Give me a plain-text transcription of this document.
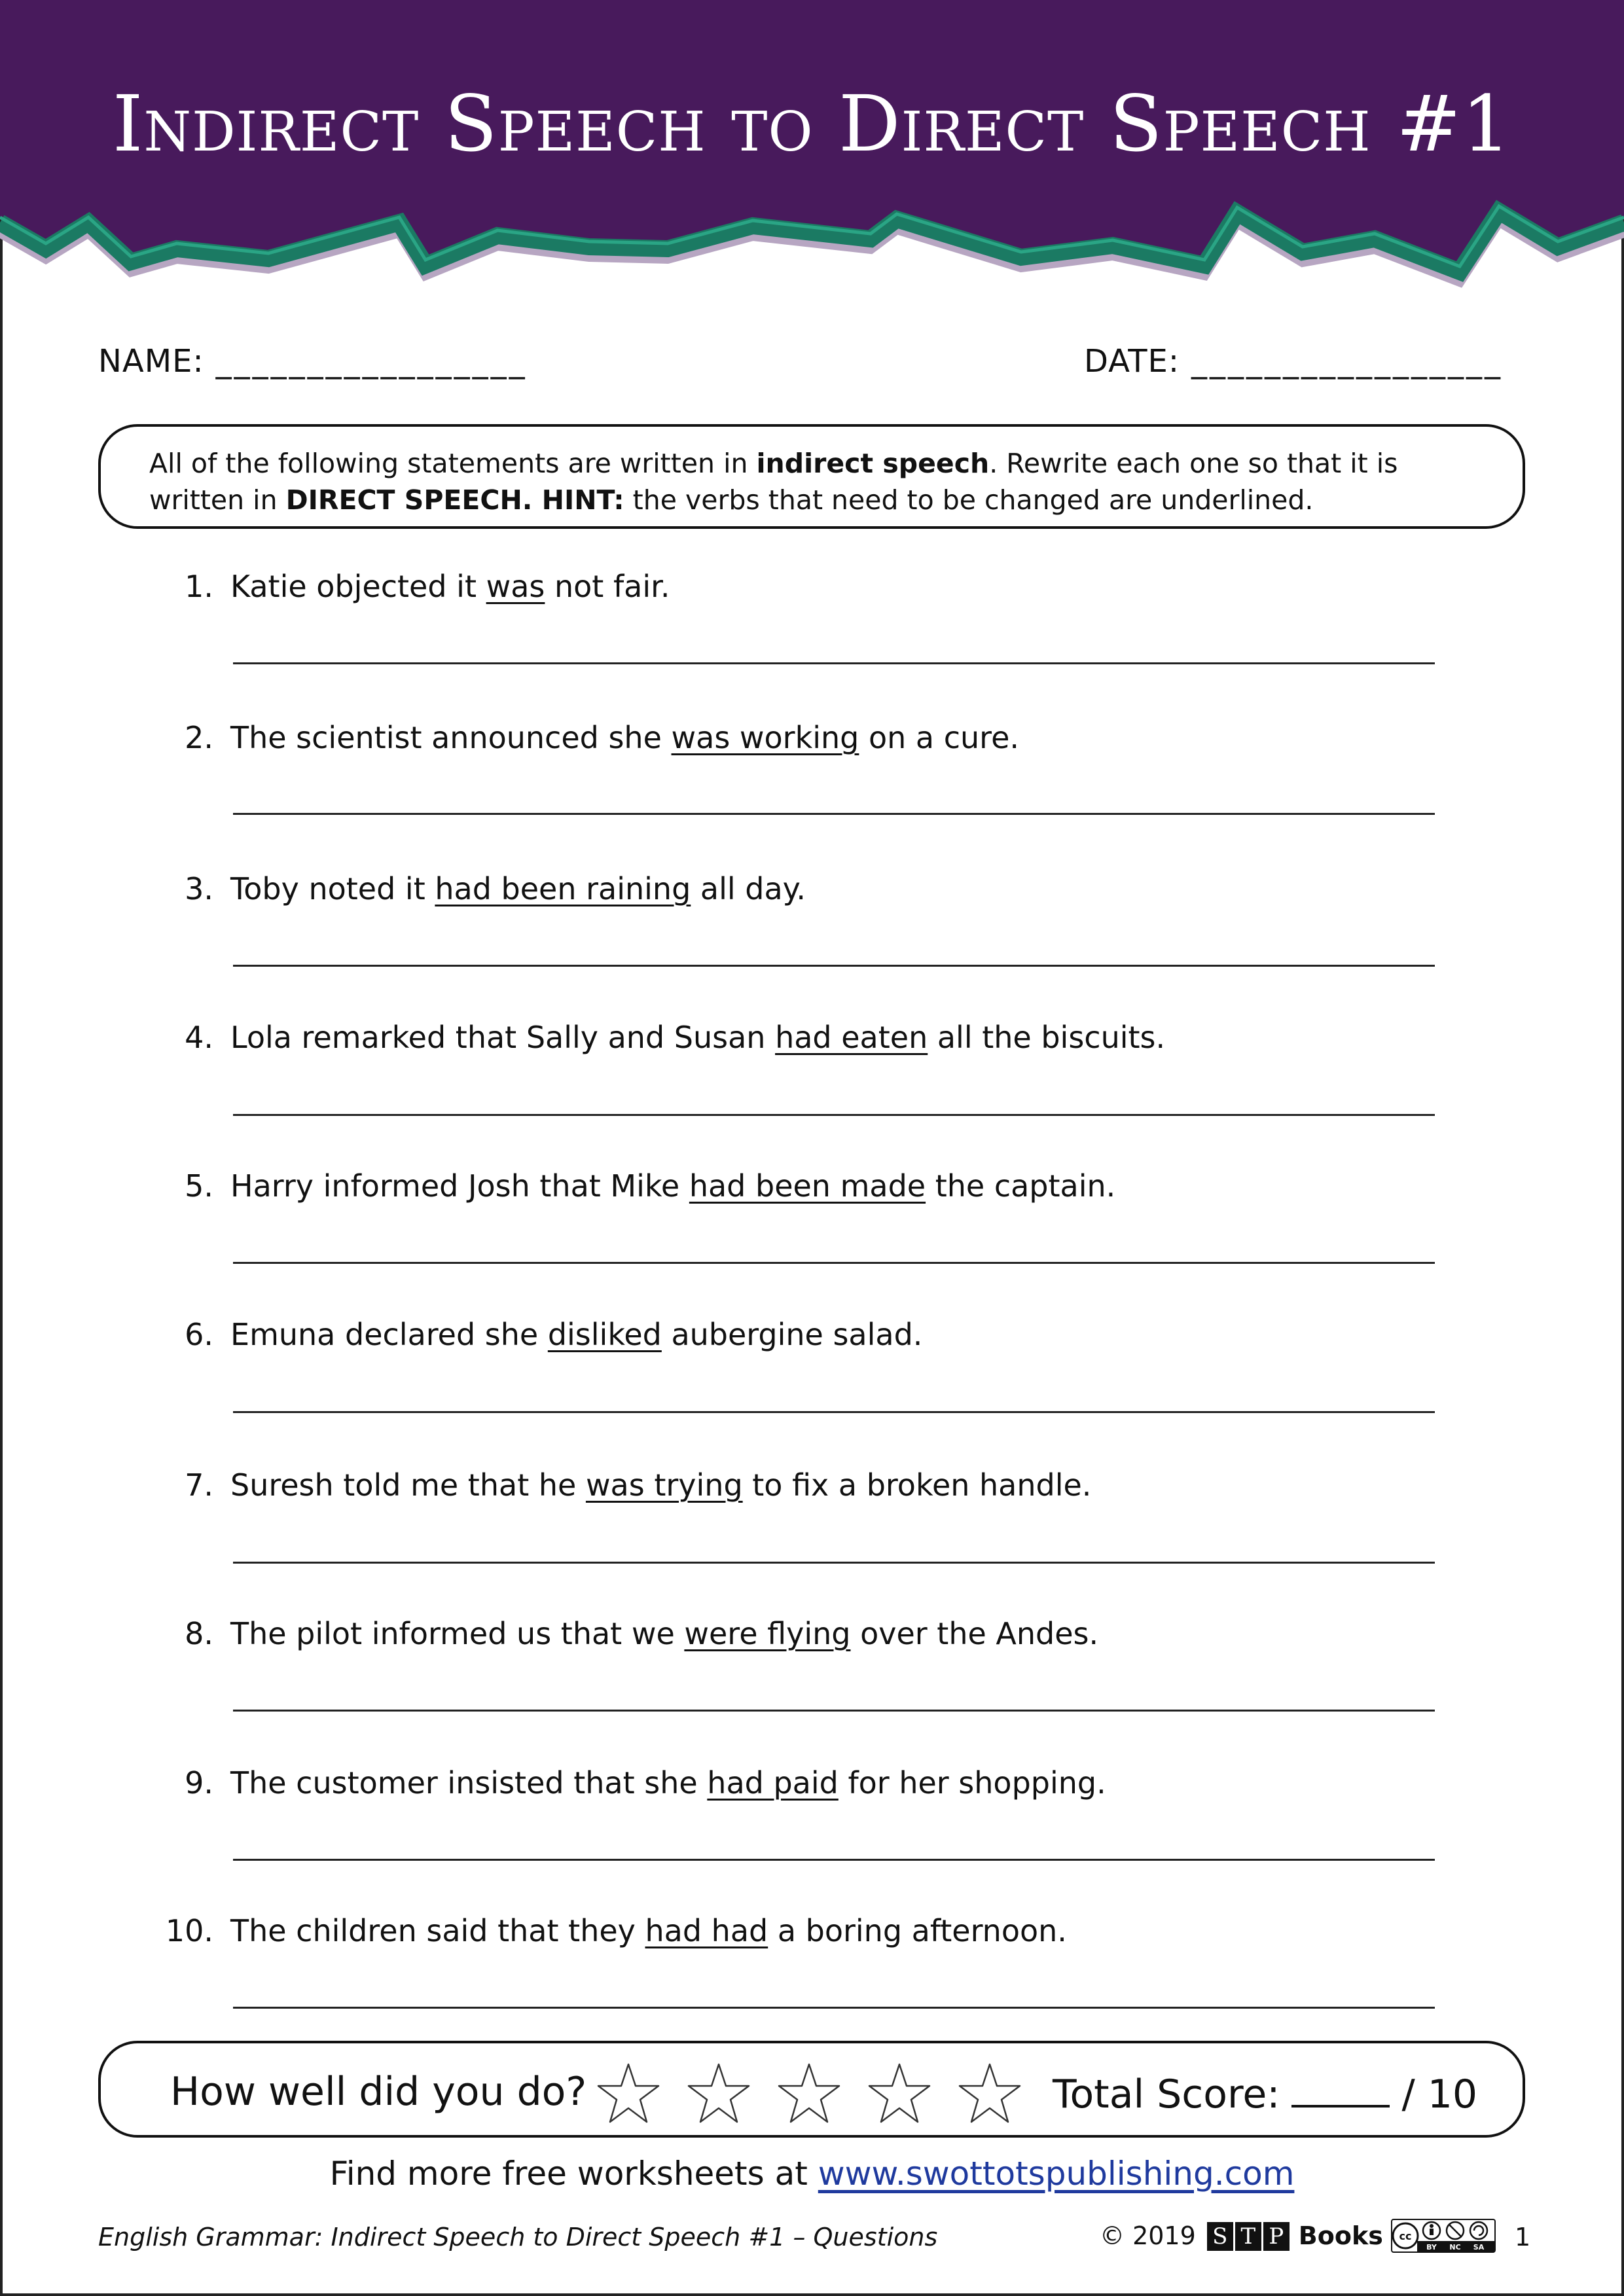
Indirect Speech to Direct Speech #1
NAME: _________________	DATE: _________________
All of the following statements are written in indirect speech. Rewrite each one so that it is written in DIRECT SPEECH. HINT: the verbs that need to be changed are underlined.
1. Katie objected it was not fair.
2. The scientist announced she was working on a cure.
3. Toby noted it had been raining all day.
4. Lola remarked that Sally and Susan had eaten all the biscuits.
5. Harry informed Josh that Mike had been made the captain.
6. Emuna declared she disliked aubergine salad.
7. Suresh told me that he was trying to fix a broken handle.
8. The pilot informed us that we were flying over the Andes.
9. The customer insisted that she had paid for her shopping.
10. The children said that they had had a boring afternoon.
How well did you do?	Total Score:	/ 10
Find more free worksheets at www.swottotspublishing.com
English Grammar: Indirect Speech to Direct Speech #1 – Questions	© 2019 S T P Books cc
BY NC SA 1
